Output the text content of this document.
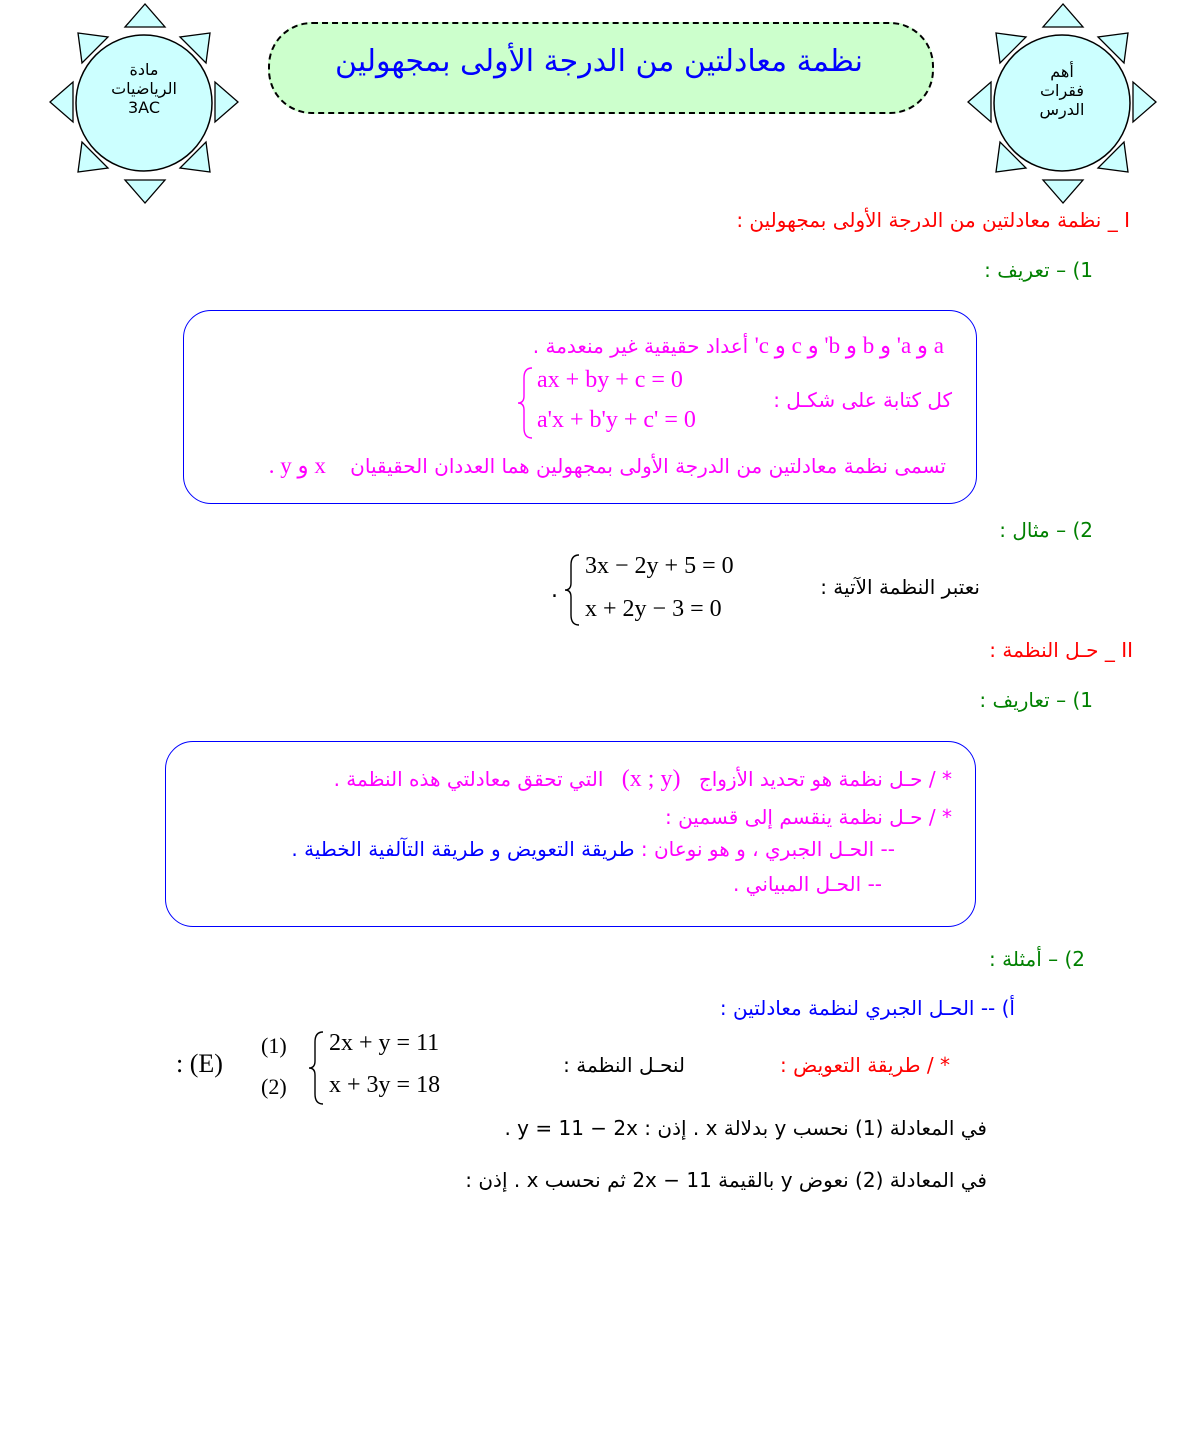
مادة
الرياضيات
3AC
أهم
فقرات
الدرس
نظمة معادلتين من الدرجة الأولى بمجهولين
I _ نظمة معادلتين من الدرجة الأولى بمجهولين :
1) – تعريف :
a و a' و b و b' و c و c' أعداد حقيقية غير منعدمة .
كل كتابة على شكـل :
ax + by + c = 0
a'x + b'y + c' = 0
تسمى نظمة معادلتين من الدرجة الأولى بمجهولين هما العددان الحقيقيان x و y .
2) – مثال :
نعتبر النظمة الآتية :
3x − 2y + 5 = 0
x + 2y − 3 = 0
.
II _ حـل النظمة :
1) – تعاريف :
* / حـل نظمة هو تحديد الأزواج (x ; y) التي تحقق معادلتي هذه النظمة .
* / حـل نظمة ينقسم إلى قسمين :
-- الحـل الجبري ، و هو نوعان : طريقة التعويض و طريقة التآلفية الخطية .
-- الحـل المبياني .
2) – أمثلة :
أ) -- الحـل الجبري لنظمة معادلتين :
* / طريقة التعويض :
لنحـل النظمة :
(1)
(2)
2x + y = 11
x + 3y = 18
: (E)
في المعادلة (1) نحسب y بدلالة x . إذن : y = 11 − 2x .
في المعادلة (2) نعوض y بالقيمة 11 − 2x ثم نحسب x . إذن :
